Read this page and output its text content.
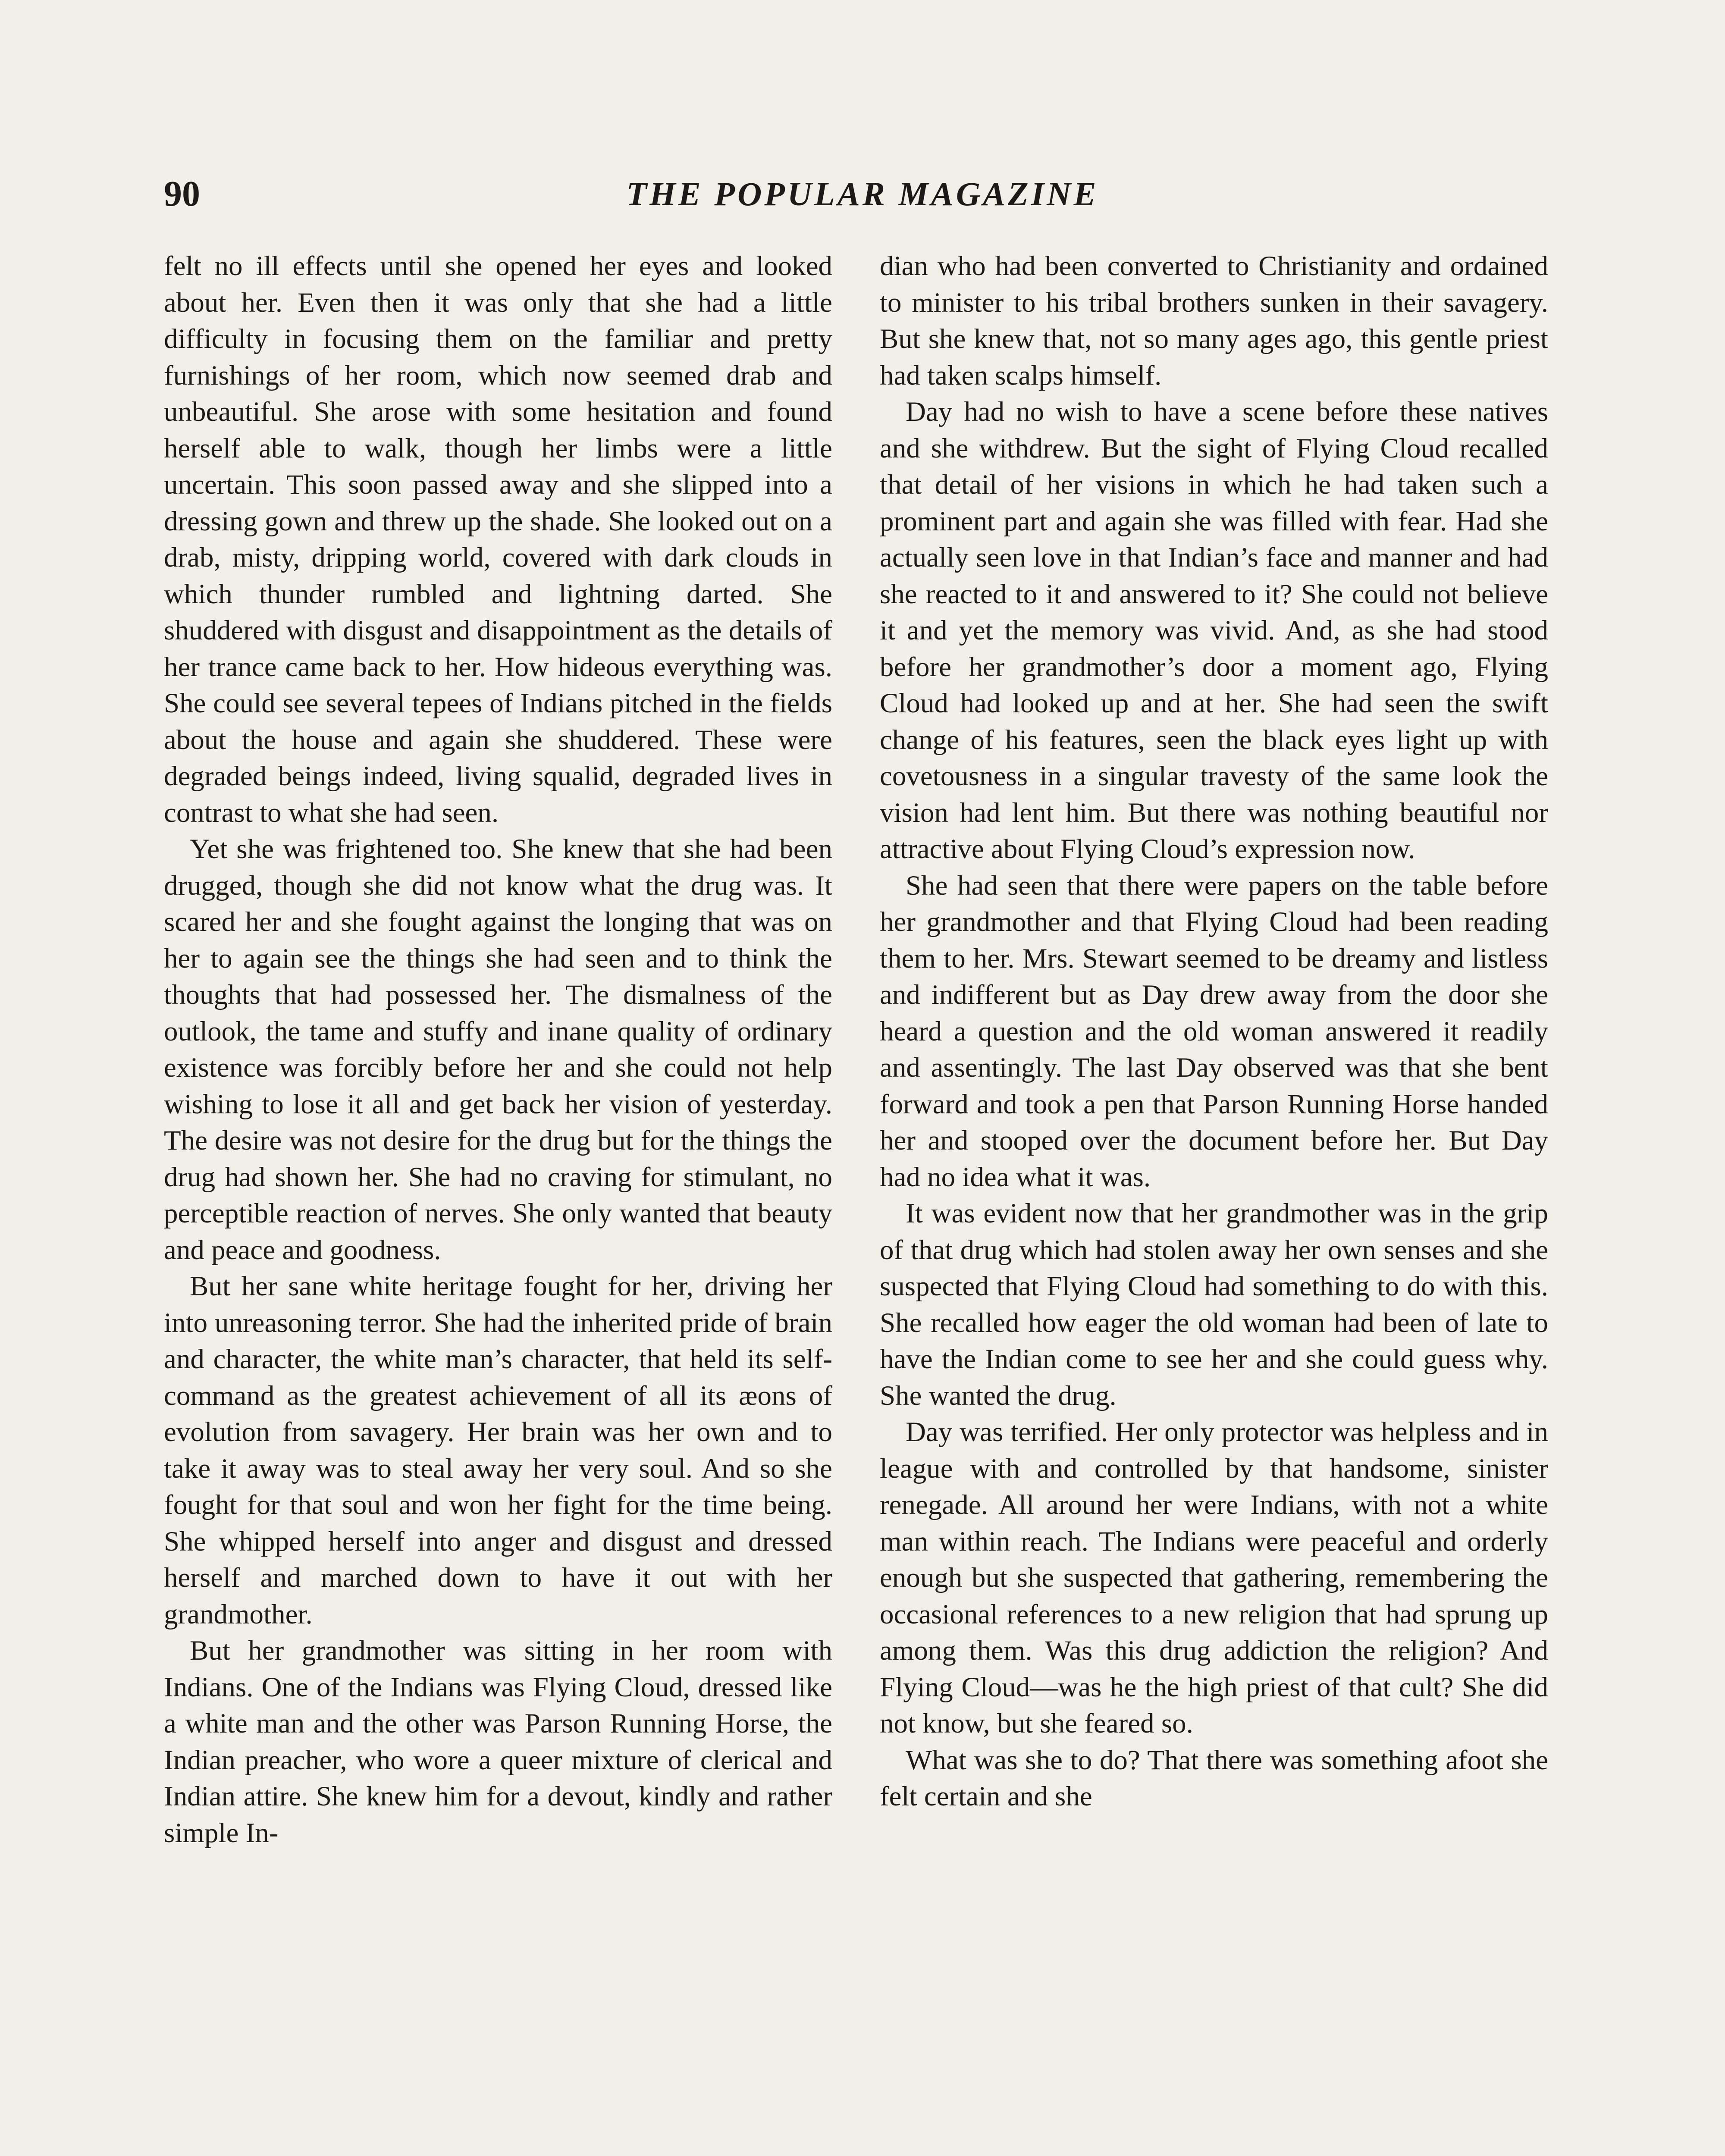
90	THE POPULAR MAGAZINE

felt no ill effects until she opened her eyes and looked about her. Even then it was only that she had a little difficulty in focusing them on the familiar and pretty furnishings of her room, which now seemed drab and unbeautiful. She arose with some hesitation and found herself able to walk, though her limbs were a little uncertain. This soon passed away and she slipped into a dressing gown and threw up the shade. She looked out on a drab, misty, dripping world, covered with dark clouds in which thunder rumbled and lightning darted. She shuddered with disgust and disappointment as the details of her trance came back to her. How hideous everything was. She could see several tepees of Indians pitched in the fields about the house and again she shuddered. These were degraded beings indeed, living squalid, degraded lives in contrast to what she had seen.

Yet she was frightened too. She knew that she had been drugged, though she did not know what the drug was. It scared her and she fought against the longing that was on her to again see the things she had seen and to think the thoughts that had possessed her. The dismalness of the outlook, the tame and stuffy and inane quality of ordinary existence was forcibly before her and she could not help wishing to lose it all and get back her vision of yesterday. The desire was not desire for the drug but for the things the drug had shown her. She had no craving for stimulant, no perceptible reaction of nerves. She only wanted that beauty and peace and goodness.

But her sane white heritage fought for her, driving her into unreasoning terror. She had the inherited pride of brain and character, the white man’s character, that held its self-command as the greatest achievement of all its æons of evolution from savagery. Her brain was her own and to take it away was to steal away her very soul. And so she fought for that soul and won her fight for the time being. She whipped herself into anger and disgust and dressed herself and marched down to have it out with her grandmother.

But her grandmother was sitting in her room with Indians. One of the Indians was Flying Cloud, dressed like a white man and the other was Parson Running Horse, the Indian preacher, who wore a queer mixture of clerical and Indian attire. She knew him for a devout, kindly and rather simple In-

dian who had been converted to Christianity and ordained to minister to his tribal brothers sunken in their savagery. But she knew that, not so many ages ago, this gentle priest had taken scalps himself.

Day had no wish to have a scene before these natives and she withdrew. But the sight of Flying Cloud recalled that detail of her visions in which he had taken such a prominent part and again she was filled with fear. Had she actually seen love in that Indian’s face and manner and had she reacted to it and answered to it? She could not believe it and yet the memory was vivid. And, as she had stood before her grandmother’s door a moment ago, Flying Cloud had looked up and at her. She had seen the swift change of his features, seen the black eyes light up with covetousness in a singular travesty of the same look the vision had lent him. But there was nothing beautiful nor attractive about Flying Cloud’s expression now.

She had seen that there were papers on the table before her grandmother and that Flying Cloud had been reading them to her. Mrs. Stewart seemed to be dreamy and listless and indifferent but as Day drew away from the door she heard a question and the old woman answered it readily and assentingly. The last Day observed was that she bent forward and took a pen that Parson Running Horse handed her and stooped over the document before her. But Day had no idea what it was.

It was evident now that her grandmother was in the grip of that drug which had stolen away her own senses and she suspected that Flying Cloud had something to do with this. She recalled how eager the old woman had been of late to have the Indian come to see her and she could guess why. She wanted the drug.

Day was terrified. Her only protector was helpless and in league with and controlled by that handsome, sinister renegade. All around her were Indians, with not a white man within reach. The Indians were peaceful and orderly enough but she suspected that gathering, remembering the occasional references to a new religion that had sprung up among them. Was this drug addiction the religion? And Flying Cloud—was he the high priest of that cult? She did not know, but she feared so.

What was she to do? That there was something afoot she felt certain and she
